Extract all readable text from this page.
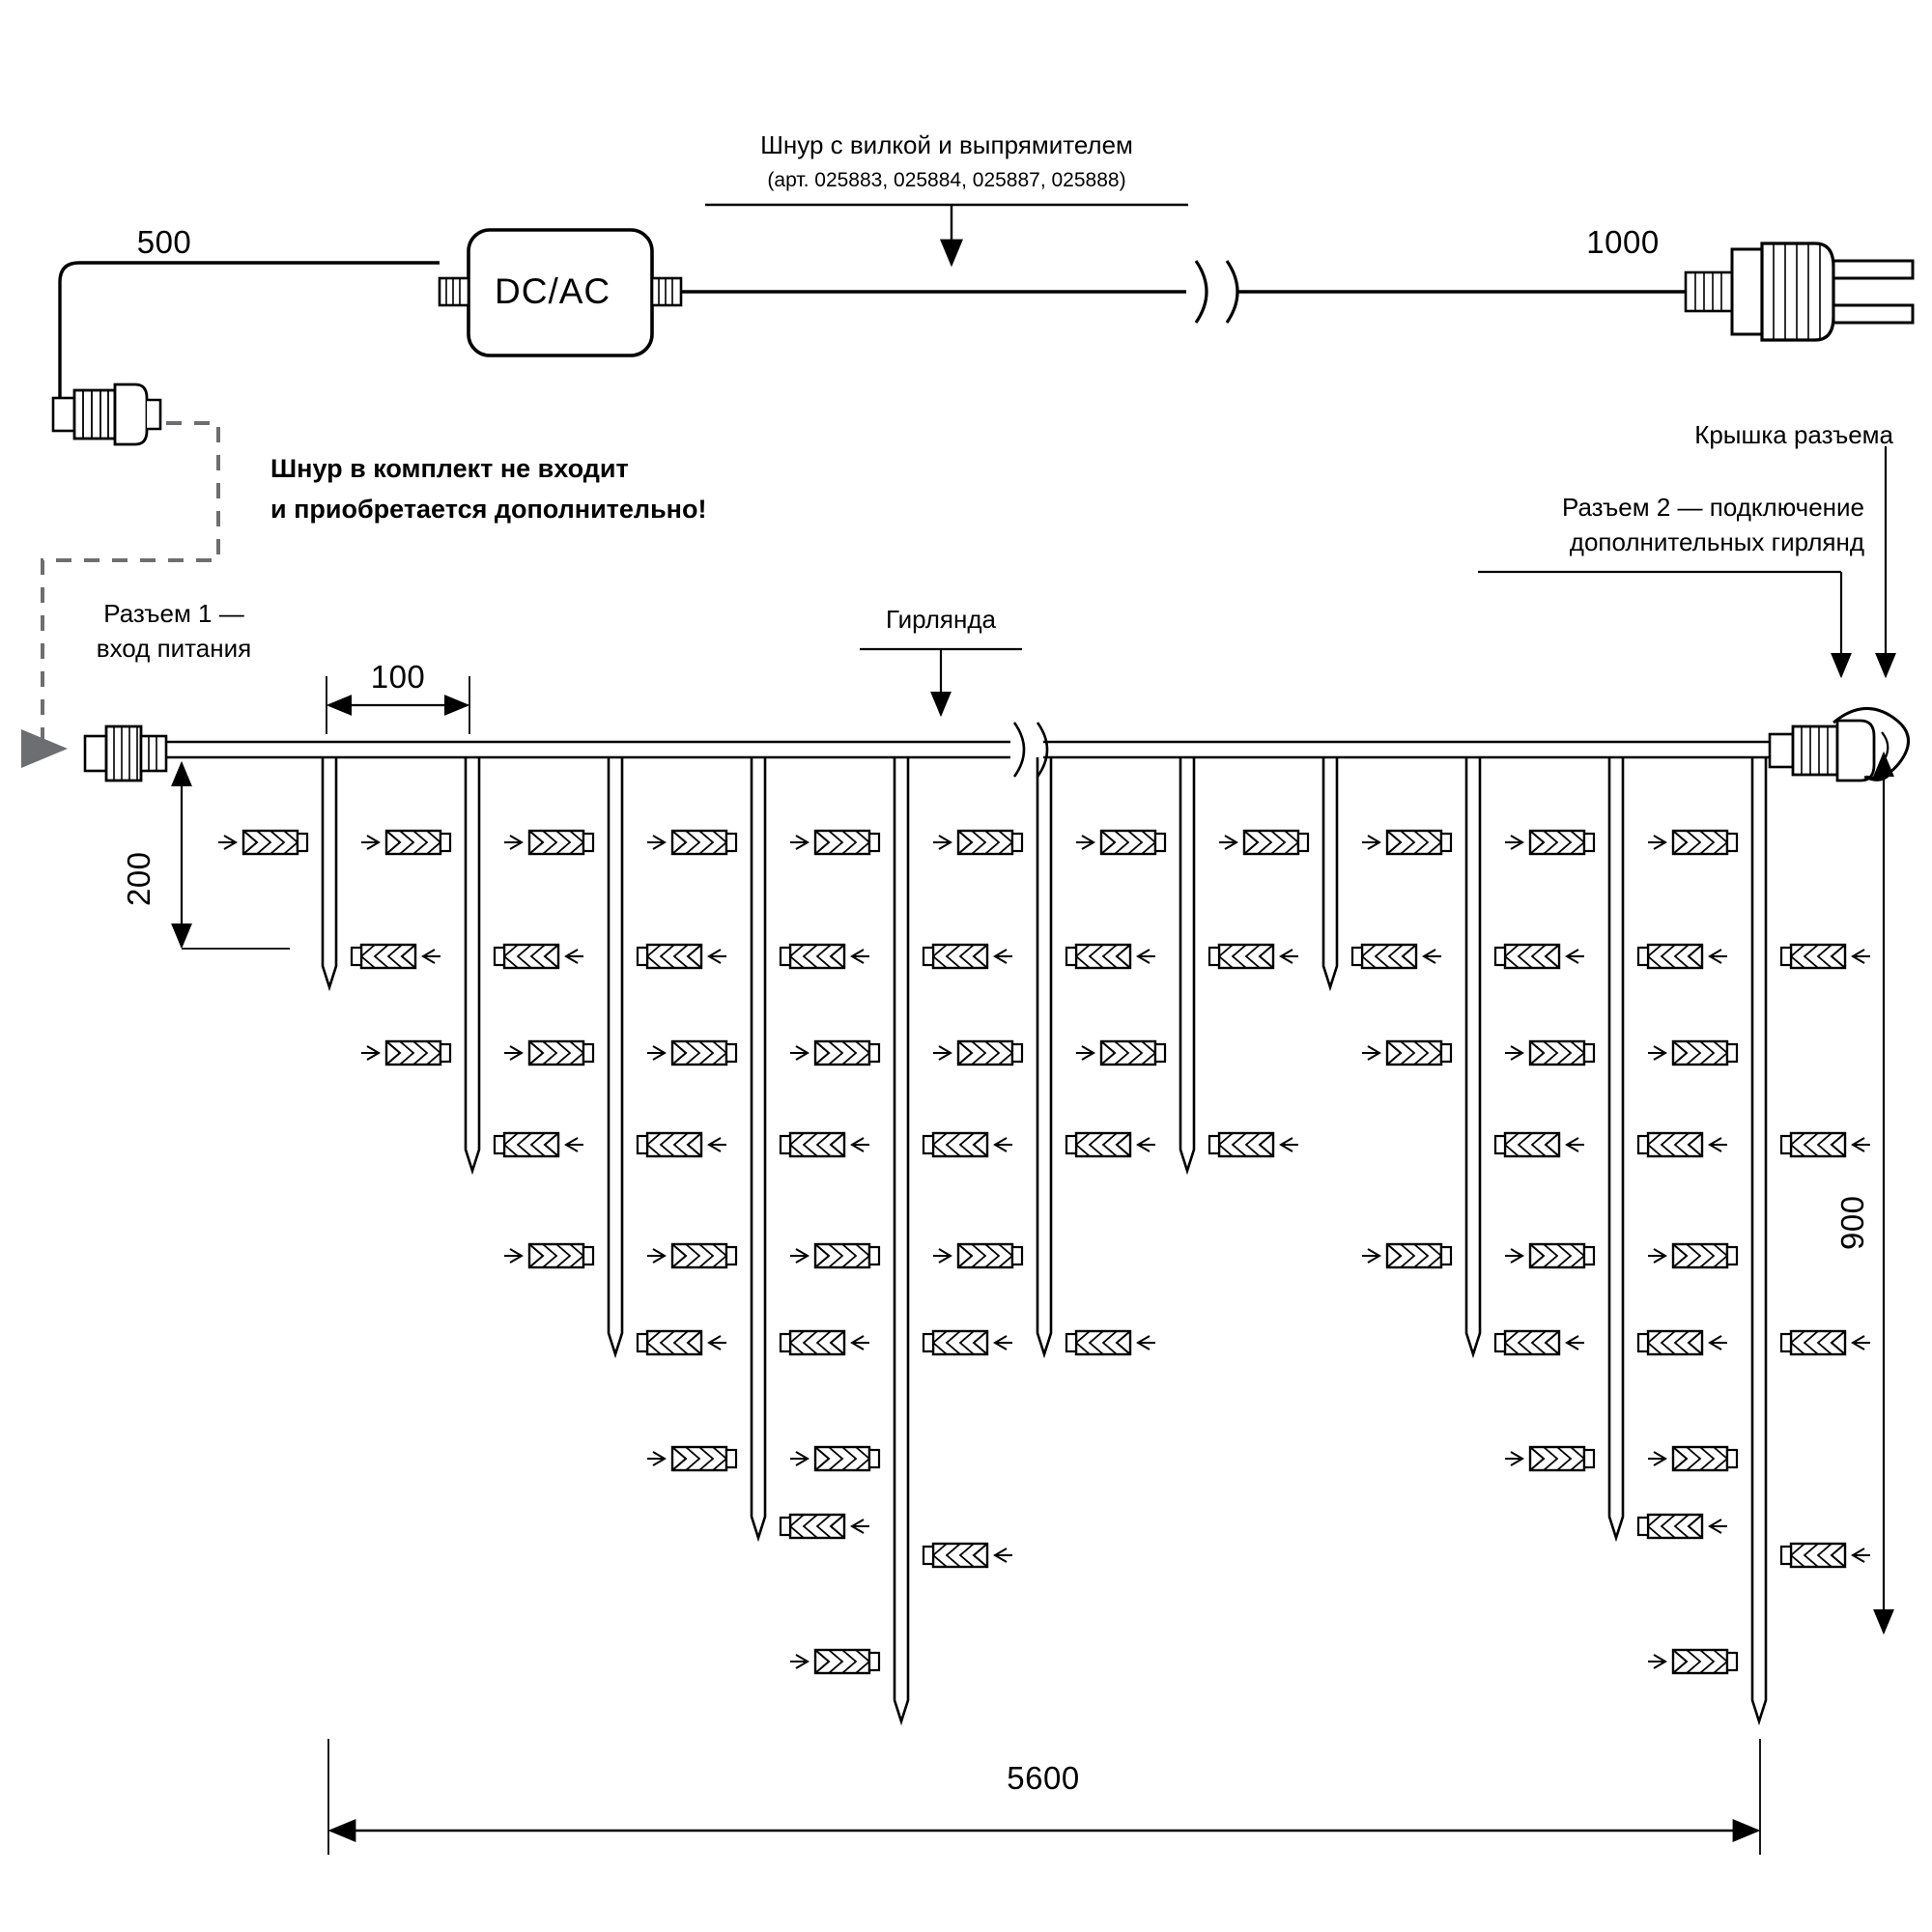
500	1000
Шнур с вилкой и выпрямителем
(арт. 025883, 025884, 025887, 025888)
DC/AC
Шнур в комплект не входит
и приобретается дополнительно!
Разъем 1 —
вход питания
Гирлянда
Крышка разъема
Разъем 2 — подключение
дополнительных гирлянд
100
200
900
5600
